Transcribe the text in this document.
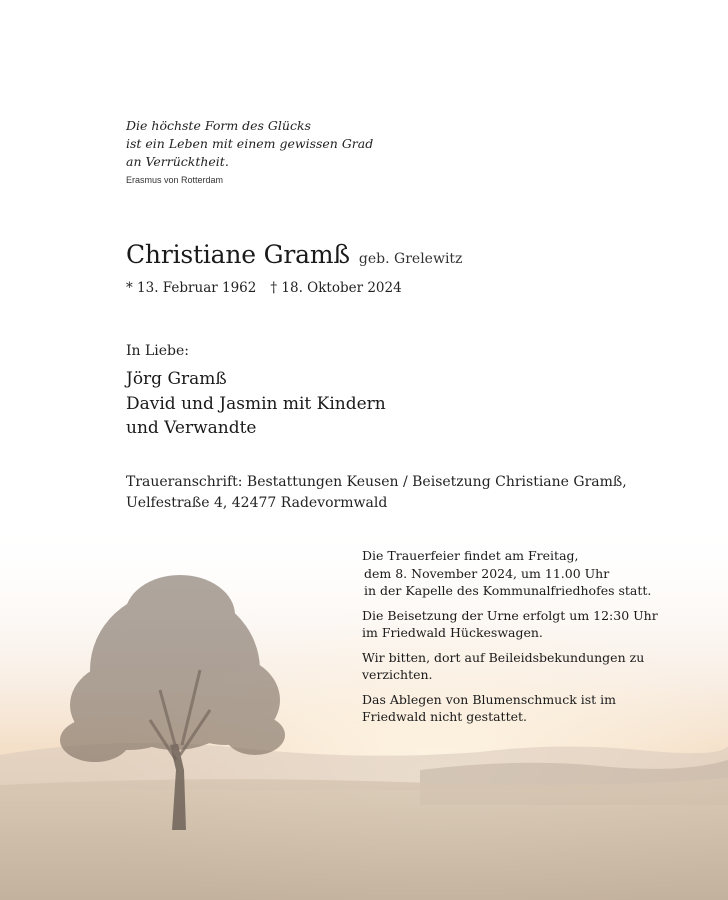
Die höchste Form des Glücks
ist ein Leben mit einem gewissen Grad
an Verrücktheit.
Erasmus von Rotterdam
Christiane Gramß geb. Grelewitz
* 13. Februar 1962 † 18. Oktober 2024
In Liebe:
Jörg Gramß
David und Jasmin mit Kindern
und Verwandte
Traueranschrift: Bestattungen Keusen / Beisetzung Christiane Gramß,
Uelfestraße 4, 42477 Radevormwald

Die Trauerfeier findet am Freitag,
dem 8. November 2024, um 11.00 Uhr
in der Kapelle des Kommunalfriedhofes statt.

Die Beisetzung der Urne erfolgt um 12:30 Uhr
im Friedwald Hückeswagen.

Wir bitten, dort auf Beileidsbekundungen zu
verzichten.

Das Ablegen von Blumenschmuck ist im
Friedwald nicht gestattet.
